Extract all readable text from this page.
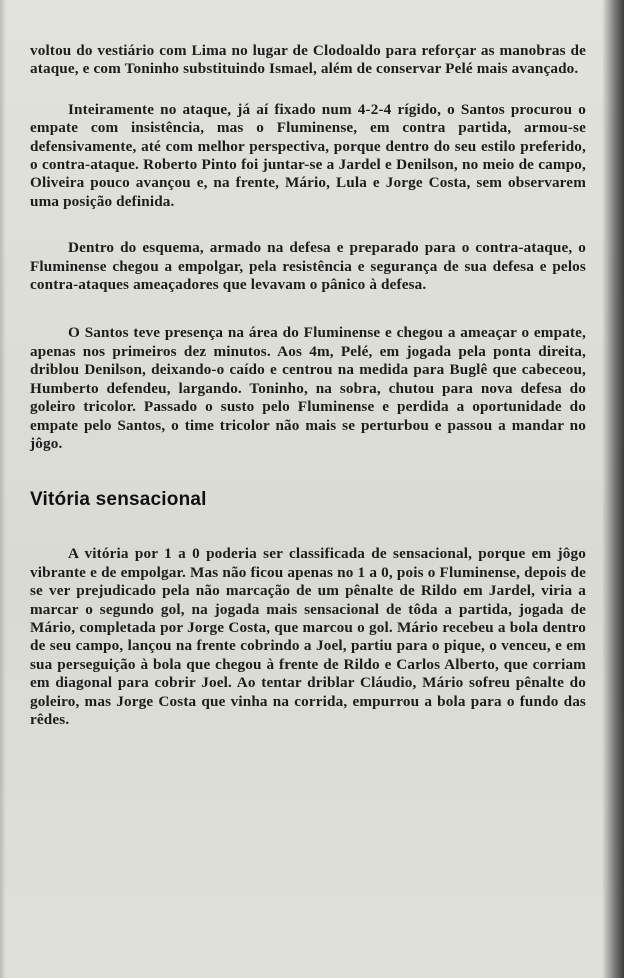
voltou do vestiário com Lima no lugar de Clodoaldo para reforçar as manobras de ataque, e com Toninho substituindo Ismael, além de conservar Pelé mais avançado.

Inteiramente no ataque, já aí fixado num 4-2-4 rígido, o Santos procurou o empate com insistência, mas o Fluminense, em contra partida, armou-se defensivamente, até com melhor perspectiva, porque dentro do seu estilo preferido, o contra-ataque. Roberto Pinto foi juntar-se a Jardel e Denilson, no meio de campo, Oliveira pouco avançou e, na frente, Mário, Lula e Jorge Costa, sem observarem uma posição definida.

Dentro do esquema, armado na defesa e preparado para o contra-ataque, o Fluminense chegou a empolgar, pela resistência e segurança de sua defesa e pelos contra-ataques ameaçadores que levavam o pânico à defesa.

O Santos teve presença na área do Fluminense e chegou a ameaçar o empate, apenas nos primeiros dez minutos. Aos 4m, Pelé, em jogada pela ponta direita, driblou Denilson, deixando-o caído e centrou na medida para Buglê que cabeceou, Humberto defendeu, largando. Toninho, na sobra, chutou para nova defesa do goleiro tricolor. Passado o susto pelo Fluminense e perdida a oportunidade do empate pelo Santos, o time tricolor não mais se perturbou e passou a mandar no jôgo.

Vitória sensacional

A vitória por 1 a 0 poderia ser classificada de sensacional, porque em jôgo vibrante e de empolgar. Mas não ficou apenas no 1 a 0, pois o Fluminense, depois de se ver prejudicado pela não marcação de um pênalte de Rildo em Jardel, viria a marcar o segundo gol, na jogada mais sensacional de tôda a partida, jogada de Mário, completada por Jorge Costa, que marcou o gol. Mário recebeu a bola dentro de seu campo, lançou na frente cobrindo a Joel, partiu para o pique, o venceu, e em sua perseguição à bola que chegou à frente de Rildo e Carlos Alberto, que corriam em diagonal para cobrir Joel. Ao tentar driblar Cláudio, Mário sofreu pênalte do goleiro, mas Jorge Costa que vinha na corrida, empurrou a bola para o fundo das rêdes.
